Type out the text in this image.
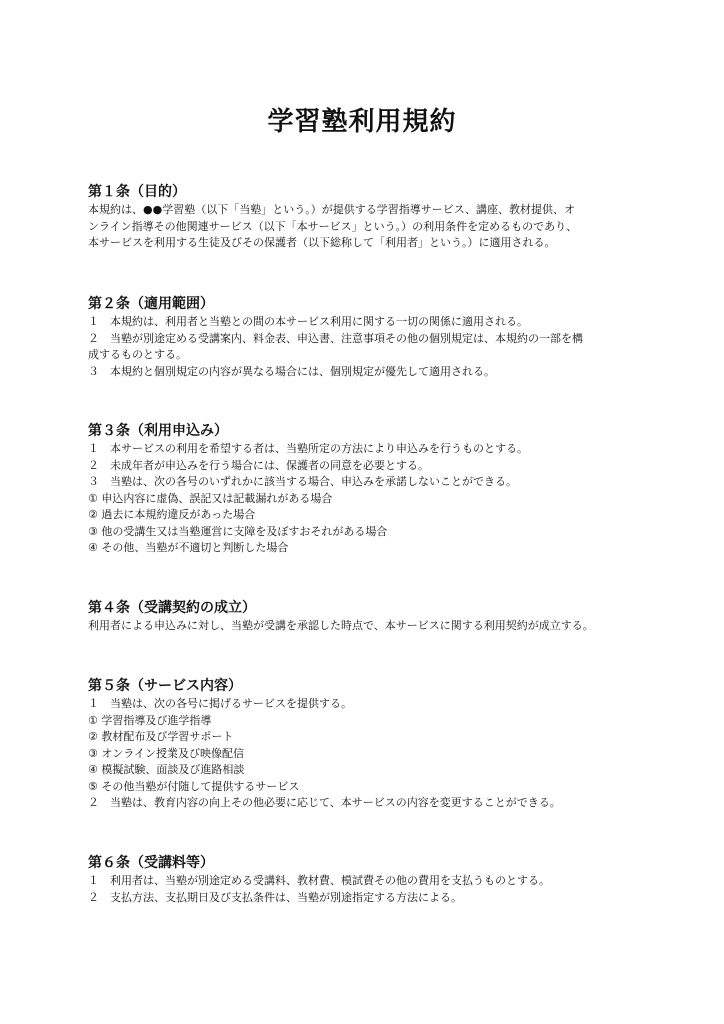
学習塾利用規約

第１条（目的）

本規約は、●●学習塾（以下「当塾」という。）が提供する学習指導サービス、講座、教材提供、オ

ンライン指導その他関連サービス（以下「本サービス」という。）の利用条件を定めるものであり、

本サービスを利用する生徒及びその保護者（以下総称して「利用者」という。）に適用される。

第２条（適用範囲）

１　本規約は、利用者と当塾との間の本サービス利用に関する一切の関係に適用される。

２　当塾が別途定める受講案内、料金表、申込書、注意事項その他の個別規定は、本規約の一部を構

成するものとする。

３　本規約と個別規定の内容が異なる場合には、個別規定が優先して適用される。

第３条（利用申込み）

１　本サービスの利用を希望する者は、当塾所定の方法により申込みを行うものとする。

２　未成年者が申込みを行う場合には、保護者の同意を必要とする。

３　当塾は、次の各号のいずれかに該当する場合、申込みを承諾しないことができる。

① 申込内容に虚偽、誤記又は記載漏れがある場合

② 過去に本規約違反があった場合

③ 他の受講生又は当塾運営に支障を及ぼすおそれがある場合

④ その他、当塾が不適切と判断した場合

第４条（受講契約の成立）

利用者による申込みに対し、当塾が受講を承認した時点で、本サービスに関する利用契約が成立する。

第５条（サービス内容）

１　当塾は、次の各号に掲げるサービスを提供する。

① 学習指導及び進学指導

② 教材配布及び学習サポート

③ オンライン授業及び映像配信

④ 模擬試験、面談及び進路相談

⑤ その他当塾が付随して提供するサービス

２　当塾は、教育内容の向上その他必要に応じて、本サービスの内容を変更することができる。

第６条（受講料等）

１　利用者は、当塾が別途定める受講料、教材費、模試費その他の費用を支払うものとする。

２　支払方法、支払期日及び支払条件は、当塾が別途指定する方法による。
